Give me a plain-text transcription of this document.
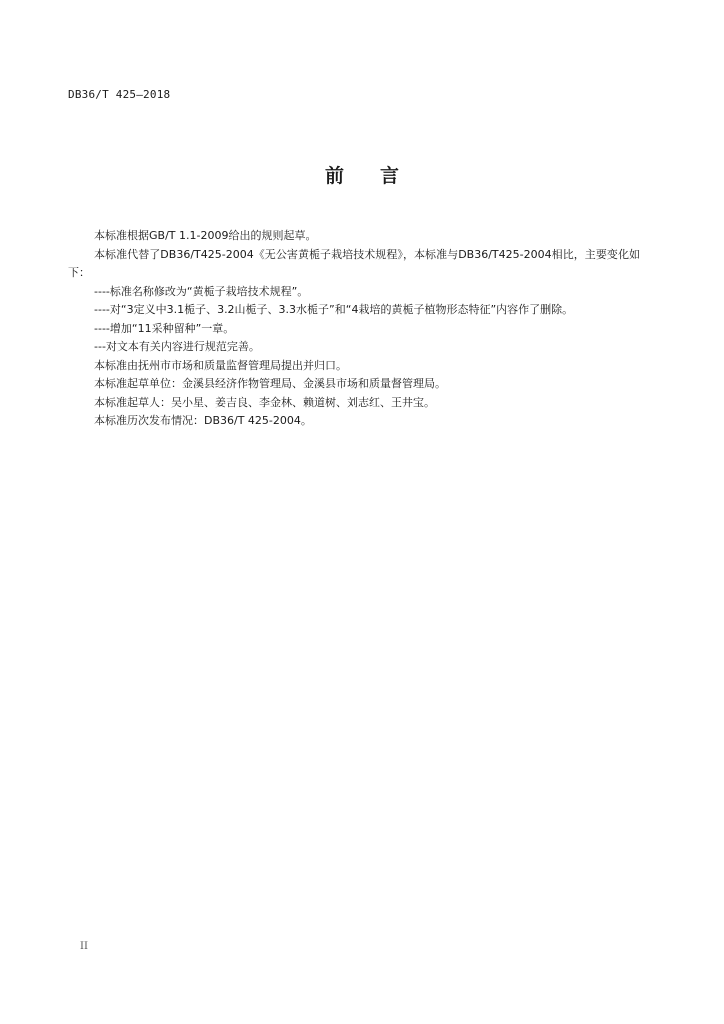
DB36/T 425—2018
前 言

本标准根据GB/T 1.1-2009给出的规则起草。

本标准代替了DB36/T425-2004《无公害黄栀子栽培技术规程》，本标准与DB36/T425-2004相比，主要变化如下：

----标准名称修改为“黄栀子栽培技术规程”。

----对“3定义中3.1栀子、3.2山栀子、3.3水栀子”和“4栽培的黄栀子植物形态特征”内容作了删除。

----增加“11采种留种”一章。

---对文本有关内容进行规范完善。

本标准由抚州市市场和质量监督管理局提出并归口。

本标准起草单位：金溪县经济作物管理局、金溪县市场和质量督管理局。

本标准起草人：吴小星、姜吉良、李金林、赖道树、刘志红、王井宝。

本标准历次发布情况：DB36/T 425-2004。

II
